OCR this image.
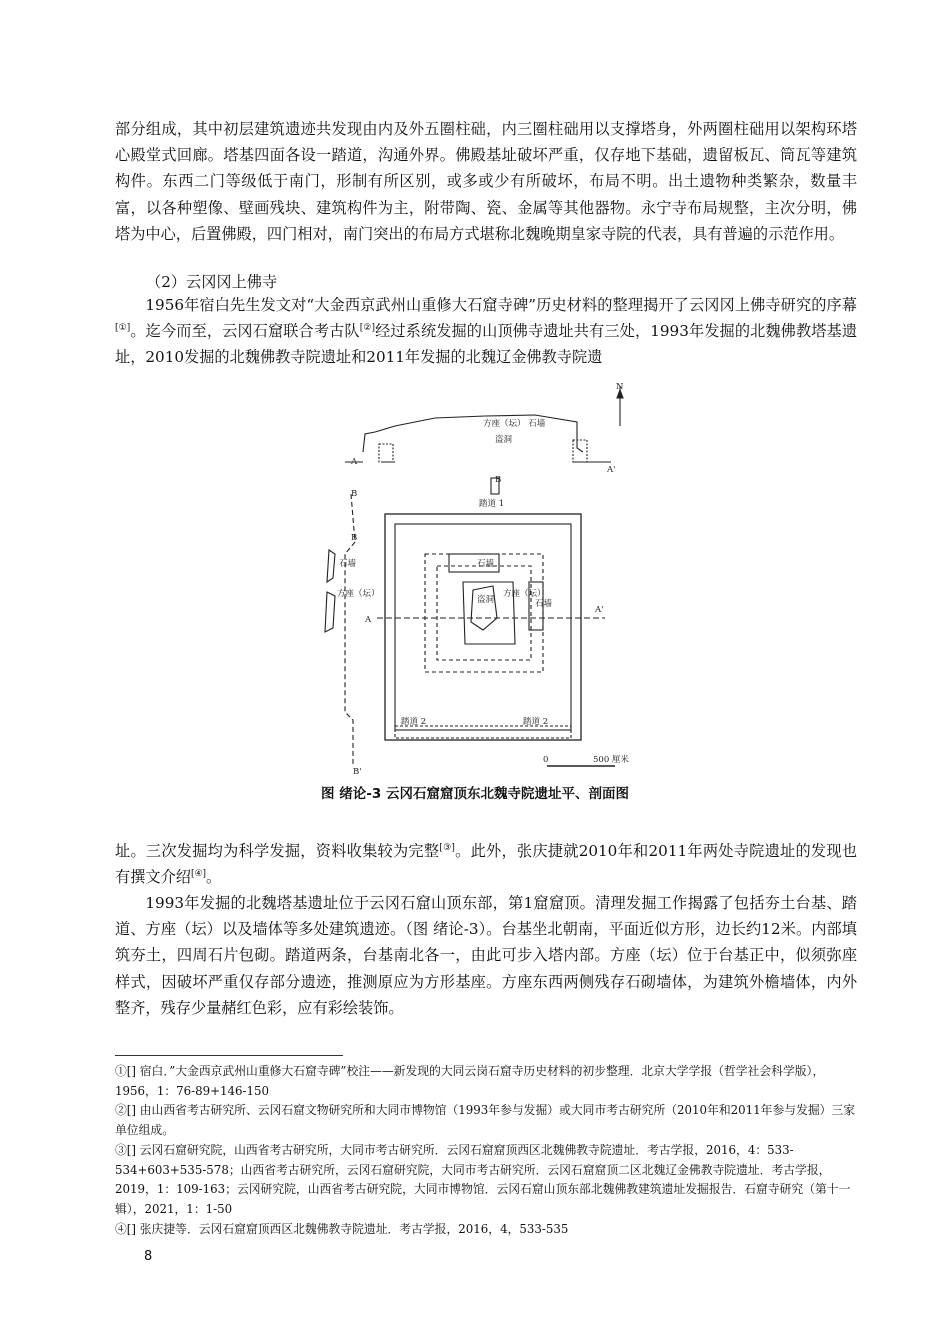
部分组成，其中初层建筑遗迹共发现由内及外五圈柱础，内三圈柱础用以支撑塔身，外两圈柱础用以架构环塔心殿堂式回廊。塔基四面各设一踏道，沟通外界。佛殿基址破坏严重，仅存地下基础，遗留板瓦、筒瓦等建筑构件。东西二门等级低于南门，形制有所区别，或多或少有所破坏，布局不明。出土遗物种类繁杂，数量丰富，以各种塑像、壁画残块、建筑构件为主，附带陶、瓷、金属等其他器物。永宁寺布局规整，主次分明，佛塔为中心，后置佛殿，四门相对，南门突出的布局方式堪称北魏晚期皇家寺院的代表，具有普遍的示范作用。

（2）云冈冈上佛寺

1956年宿白先生发文对“大金西京武州山重修大石窟寺碑”历史材料的整理揭开了云冈冈上佛寺研究的序幕[①]。迄今而至，云冈石窟联合考古队[②]经过系统发掘的山顶佛寺遗址共有三处，1993年发掘的北魏佛教塔基遗址，2010发掘的北魏佛教寺院遗址和2011年发掘的北魏辽金佛教寺院遗

N
方座（坛） 石墙
盗洞
A
A'
B
B
踏道 1
B
石墙
方座（坛）
A
石墙
盗洞
方座（坛）
石墙
A'
踏道 2	踏道 2
B'
0	500 厘米
图 绪论-3 云冈石窟窟顶东北魏寺院遗址平、剖面图

址。三次发掘均为科学发掘，资料收集较为完整[③]。此外，张庆捷就2010年和2011年两处寺院遗址的发现也有撰文介绍[④]。

1993年发掘的北魏塔基遗址位于云冈石窟山顶东部，第1窟窟顶。清理发掘工作揭露了包括夯土台基、踏道、方座（坛）以及墙体等多处建筑遗迹。（图 绪论-3）。台基坐北朝南，平面近似方形，边长约12米。内部填筑夯土，四周石片包砌。踏道两条，台基南北各一，由此可步入塔内部。方座（坛）位于台基正中，似须弥座样式，因破坏严重仅存部分遗迹，推测原应为方形基座。方座东西两侧残存石砌墙体，为建筑外檐墙体，内外整齐，残存少量赭红色彩，应有彩绘装饰。

①[] 宿白．”大金西京武州山重修大石窟寺碑”校注——新发现的大同云岗石窟寺历史材料的初步整理．北京大学学报（哲学社会科学版），1956，1：76-89+146-150
②[] 由山西省考古研究所、云冈石窟文物研究所和大同市博物馆（1993年参与发掘）或大同市考古研究所（2010年和2011年参与发掘）三家单位组成。
③[] 云冈石窟研究院，山西省考古研究所，大同市考古研究所．云冈石窟窟顶西区北魏佛教寺院遗址．考古学报，2016，4：533-534+603+535-578；山西省考古研究所，云冈石窟研究院，大同市考古研究所．云冈石窟窟顶二区北魏辽金佛教寺院遗址．考古学报，2019，1：109-163；云冈研究院，山西省考古研究院，大同市博物馆．云冈石窟山顶东部北魏佛教建筑遗址发掘报告．石窟寺研究（第十一辑），2021，1：1-50
④[] 张庆捷等．云冈石窟窟顶西区北魏佛教寺院遗址．考古学报，2016，4，533-535
8
